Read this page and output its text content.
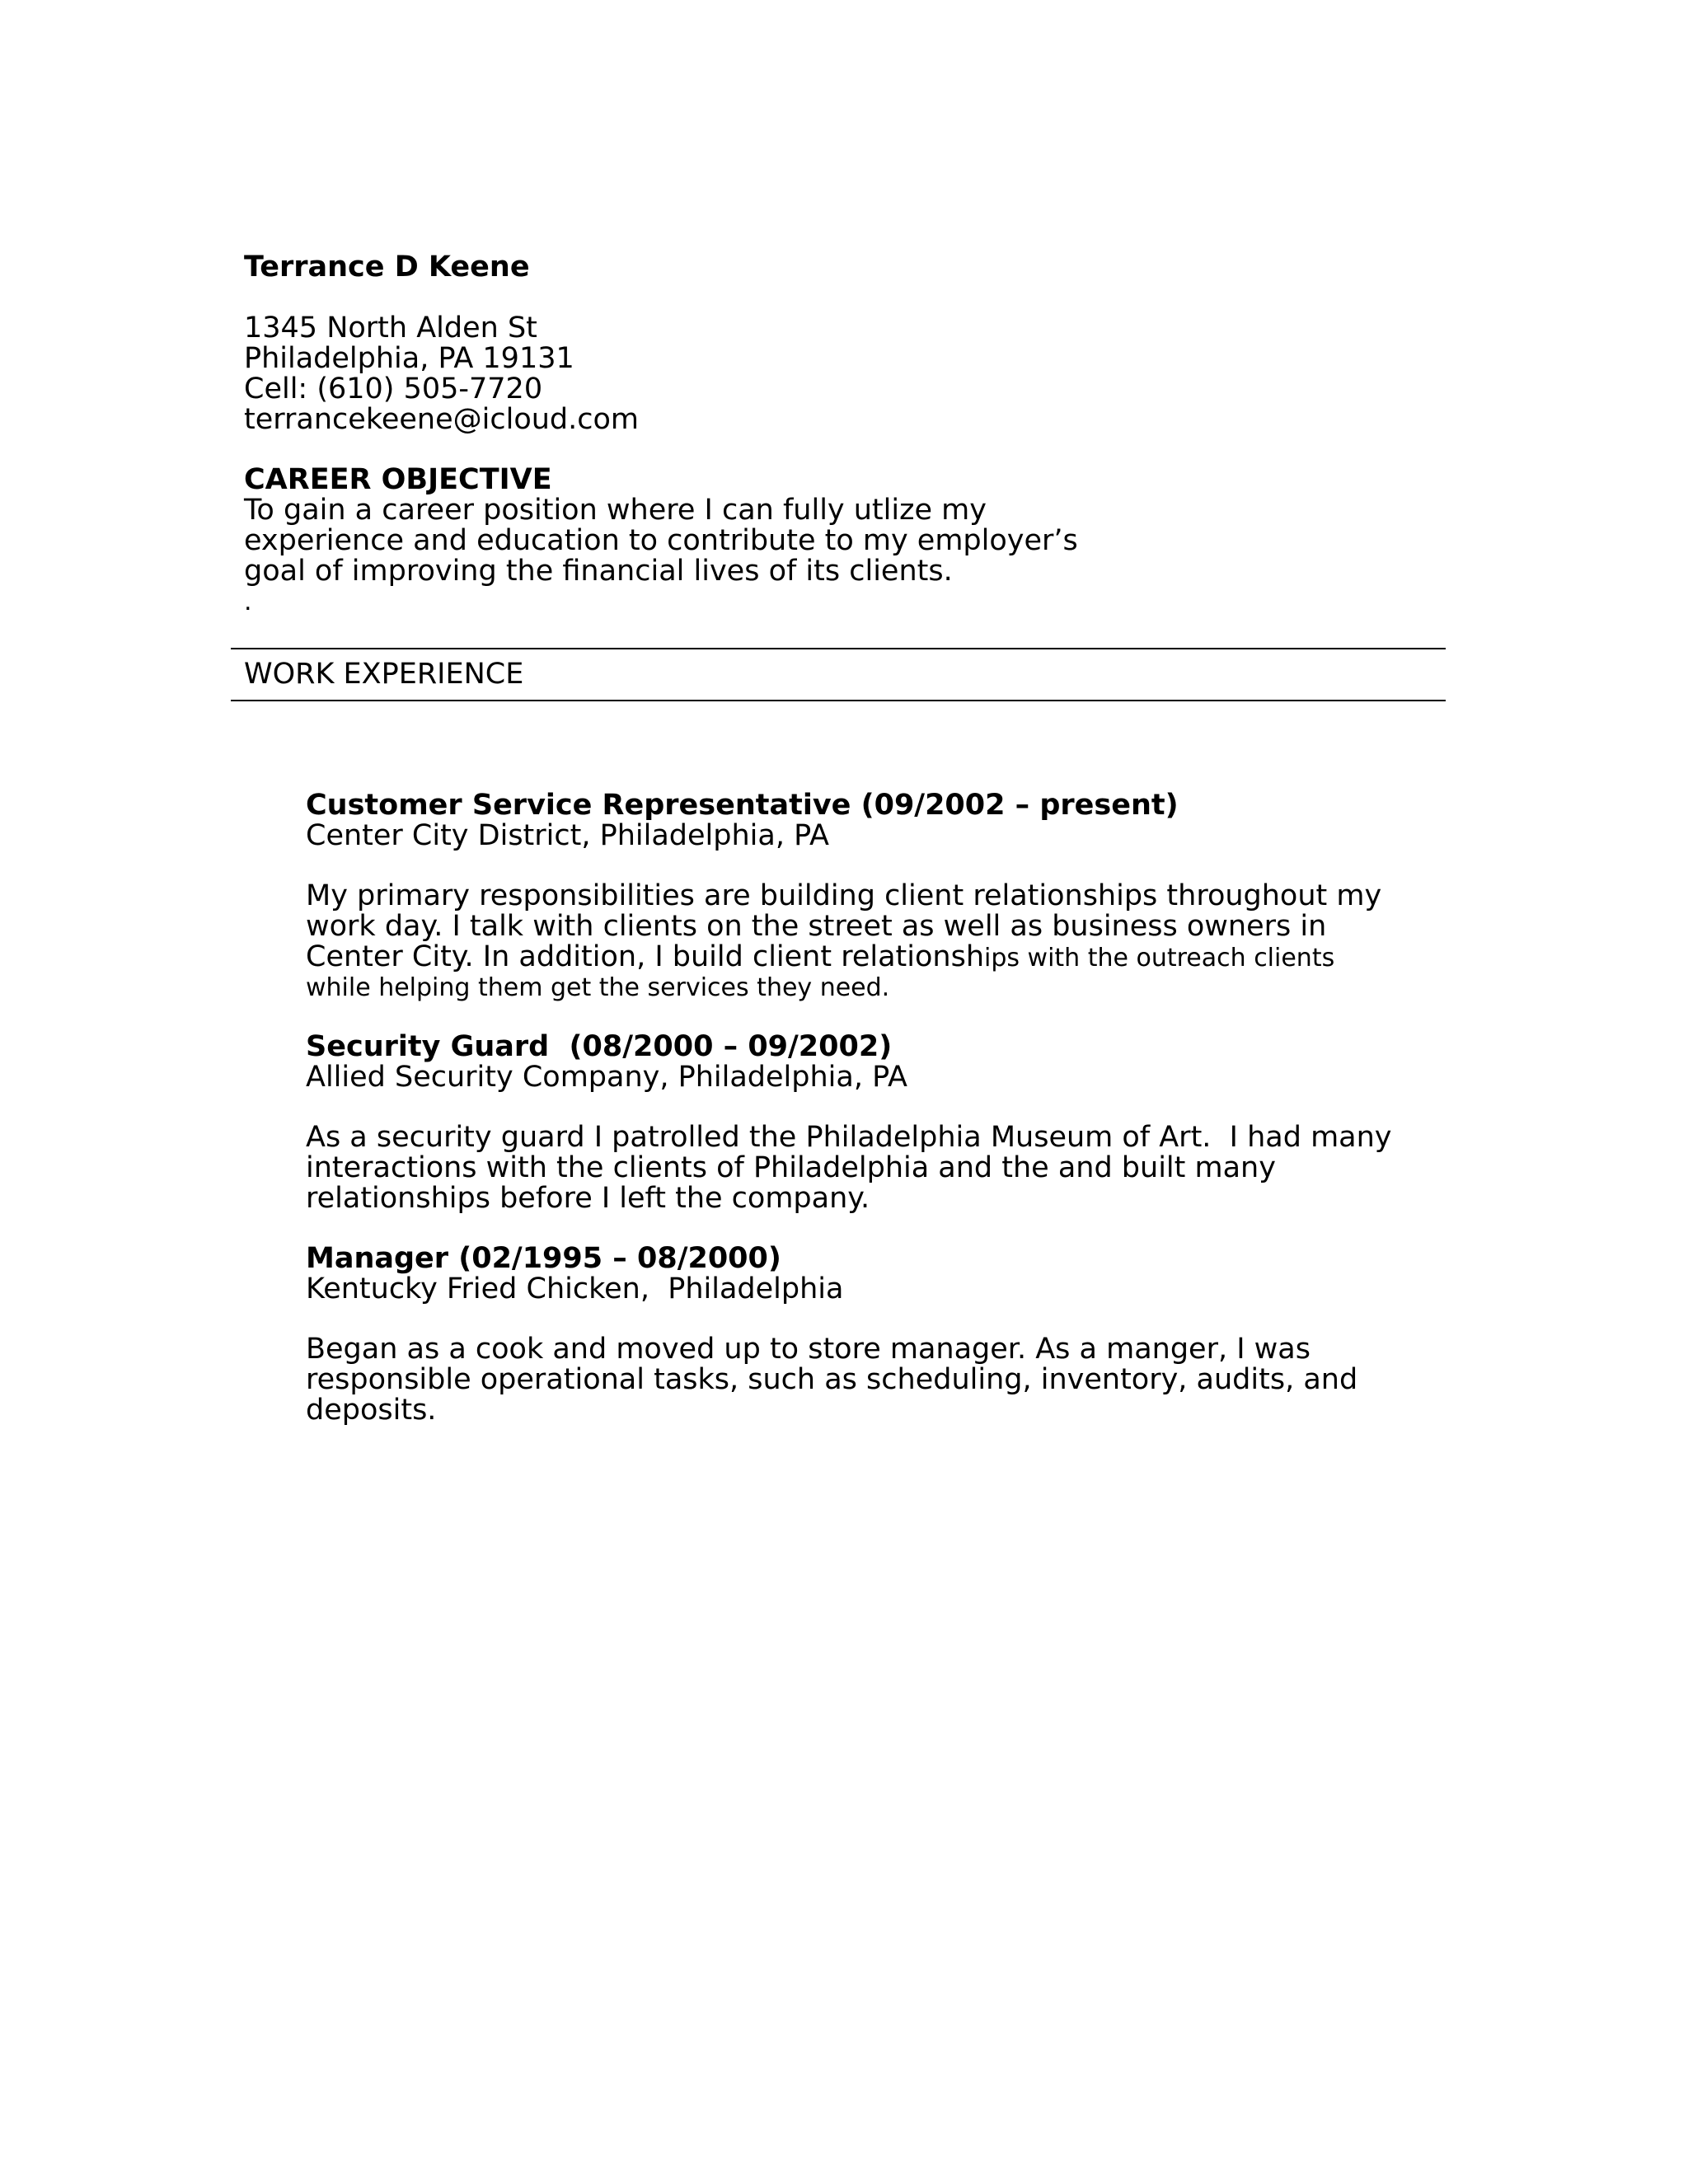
Terrance D Keene
1345 North Alden St
Philadelphia, PA 19131
Cell: (610) 505-7720
terrancekeene@icloud.com
CAREER OBJECTIVE
To gain a career position where I can fully utlize my
experience and education to contribute to my employer’s
goal of improving the financial lives of its clients.
.
WORK EXPERIENCE
Customer Service Representative (09/2002 – present)
Center City District, Philadelphia, PA
My primary responsibilities are building client relationships throughout my
work day. I talk with clients on the street as well as business owners in
Center City. In addition, I build client relationships with the outreach clients
while helping them get the services they need.
Security Guard  (08/2000 – 09/2002)
Allied Security Company, Philadelphia, PA
As a security guard I patrolled the Philadelphia Museum of Art.  I had many
interactions with the clients of Philadelphia and the and built many
relationships before I left the company.
Manager (02/1995 – 08/2000)
Kentucky Fried Chicken,  Philadelphia
Began as a cook and moved up to store manager. As a manger, I was
responsible operational tasks, such as scheduling, inventory, audits, and
deposits.
